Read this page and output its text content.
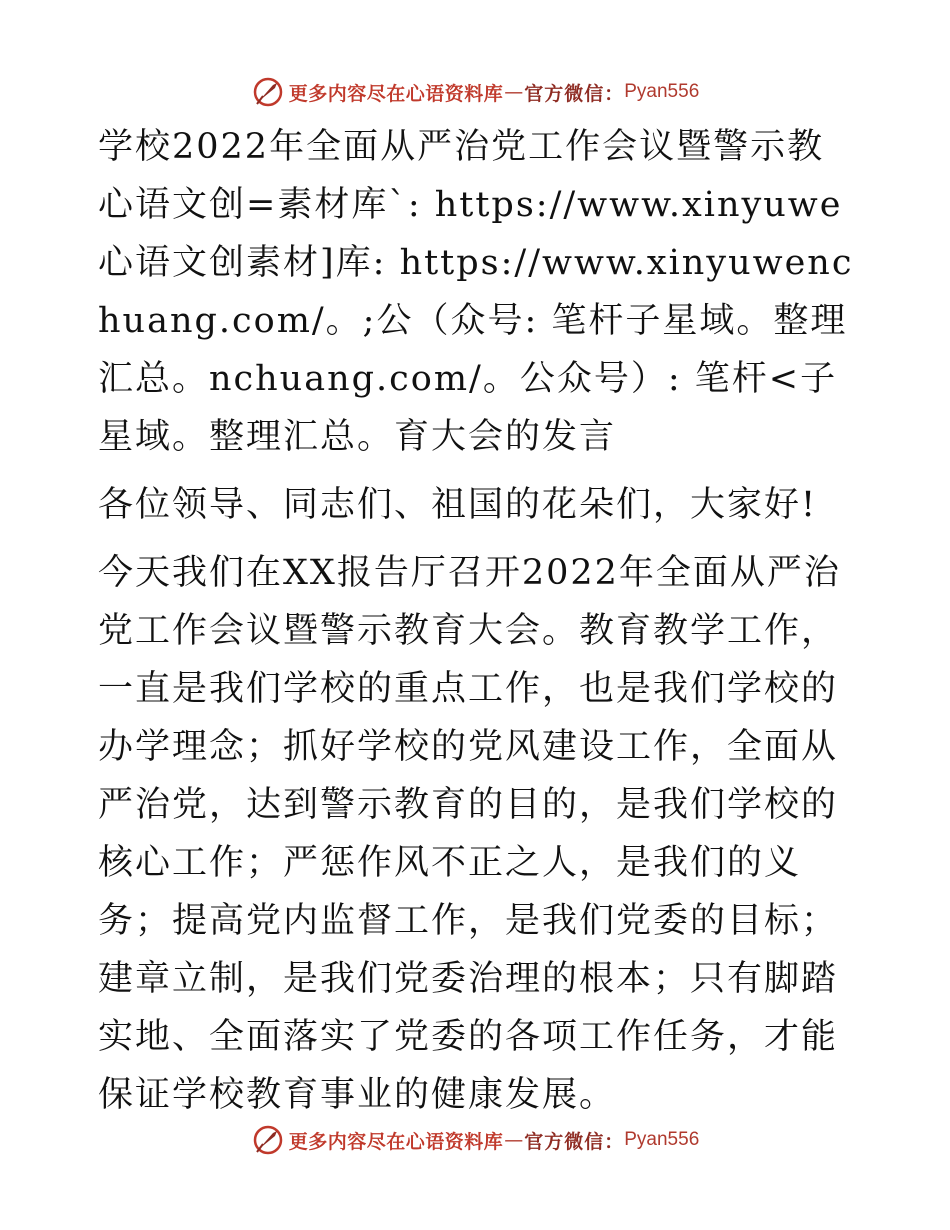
更多内容尽在心语资料库 — 官方微信： Pyan556

学校2022年全面从严治党工作会议暨警示教心语文创=素材库`: https://www.xinyuwe心语文创素材]库: https://www.xinyuwenchuang.com/。;公（众号: 笔杆子星域。整理汇总。nchuang.com/。公众号）: 笔杆<子星域。整理汇总。育大会的发言

各位领导、同志们、祖国的花朵们，大家好!

今天我们在XX报告厅召开2022年全面从严治党工作会议暨警示教育大会。教育教学工作，一直是我们学校的重点工作，也是我们学校的办学理念；抓好学校的党风建设工作，全面从严治党，达到警示教育的目的，是我们学校的核心工作；严惩作风不正之人，是我们的义务；提高党内监督工作，是我们党委的目标；建章立制，是我们党委治理的根本；只有脚踏实地、全面落实了党委的各项工作任务，才能保证学校教育事业的健康发展。

更多内容尽在心语资料库 — 官方微信： Pyan556
